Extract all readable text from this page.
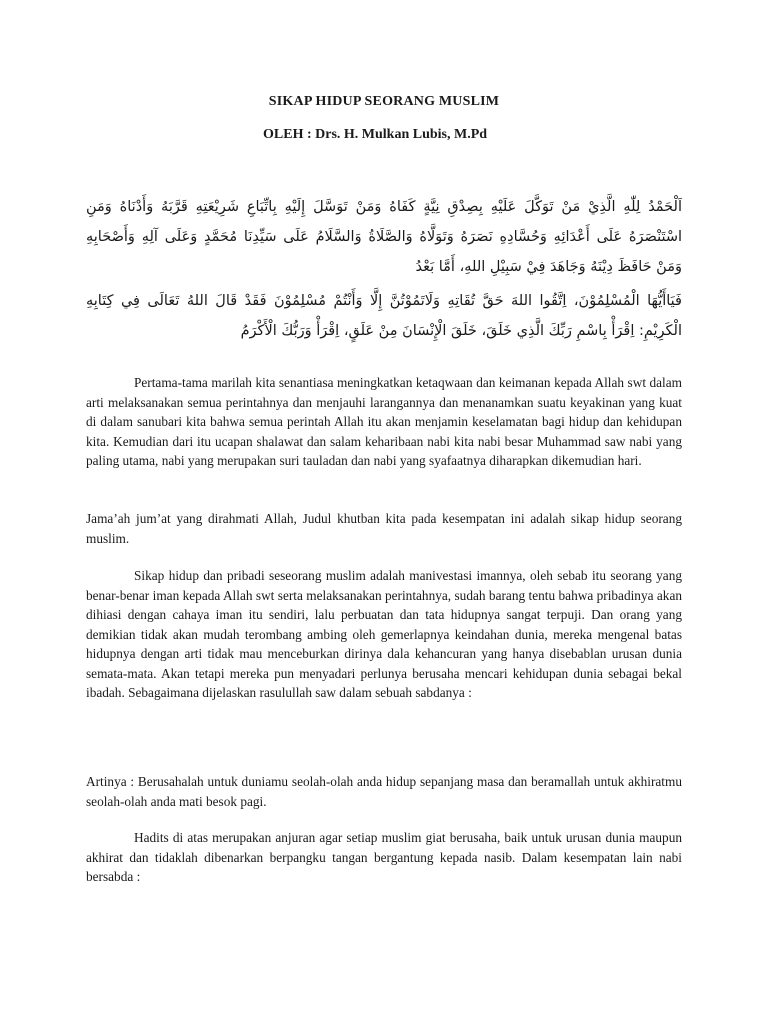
SIKAP HIDUP SEORANG MUSLIM
OLEH : Drs. H. Mulkan Lubis, M.Pd

اَلْحَمْدُ لِلّٰهِ الَّذِيْ مَنْ تَوَكَّلَ عَلَيْهِ بِصِدْقِ نِيَّةٍ كَفَاهُ وَمَنْ تَوَسَّلَ إِلَيْهِ بِاتِّبَاعِ شَرِيْعَتِهِ قَرَّبَهُ وَأَدْنَاهُ وَمَنِ اسْتَنْصَرَهُ عَلَى أَعْدَائِهِ وَحُسَّادِهِ نَصَرَهُ وَتَوَلَّاهُ وَالصَّلَاةُ وَالسَّلَامُ عَلَى سَيِّدِنَا مُحَمَّدٍ وَعَلَى آلِهِ وَأَصْحَابِهِ وَمَنْ حَافَظَ دِيْنَهُ وَجَاهَدَ فِيْ سَبِيْلِ اللهِ، أَمَّا بَعْدُ

فَيَاأَيُّهَا الْمُسْلِمُوْنَ، اِتَّقُوا اللهَ حَقَّ تُقَاتِهِ وَلَاتَمُوْتُنَّ إِلَّا وَأَنْتُمْ مُسْلِمُوْنَ فَقَدْ قَالَ اللهُ تَعَالَى فِي كِتَابِهِ الْكَرِيْمِ: اِقْرَأْ بِاسْمِ رَبِّكَ الَّذِي خَلَقَ، خَلَقَ الْإِنْسَانَ مِنْ عَلَقٍ، اِقْرَأْ وَرَبُّكَ الْأَكْرَمُ

Pertama-tama marilah kita senantiasa meningkatkan ketaqwaan dan keimanan kepada Allah swt dalam arti melaksanakan semua perintahnya dan menjauhi larangannya dan menanamkan suatu keyakinan yang kuat di dalam sanubari kita bahwa semua perintah Allah itu akan menjamin keselamatan bagi hidup dan kehidupan kita. Kemudian dari itu ucapan shalawat dan salam keharibaan nabi kita nabi besar Muhammad saw nabi yang paling utama, nabi yang merupakan suri tauladan dan nabi yang syafaatnya diharapkan dikemudian hari.

Jama’ah jum’at yang dirahmati Allah, Judul khutban kita pada kesempatan ini adalah sikap hidup seorang muslim.

Sikap hidup dan pribadi seseorang muslim adalah manivestasi imannya, oleh sebab itu seorang yang benar-benar iman kepada Allah swt serta melaksanakan perintahnya, sudah barang tentu bahwa pribadinya akan dihiasi dengan cahaya iman itu sendiri, lalu perbuatan dan tata hidupnya sangat terpuji. Dan orang yang demikian tidak akan mudah terombang ambing oleh gemerlapnya keindahan dunia, mereka mengenal batas hidupnya dengan arti tidak mau menceburkan dirinya dala kehancuran yang hanya disebablan urusan dunia semata-mata. Akan tetapi mereka pun menyadari perlunya berusaha mencari kehidupan dunia sebagai bekal ibadah. Sebagaimana dijelaskan rasulullah saw dalam sebuah sabdanya :

Artinya : Berusahalah untuk duniamu seolah-olah anda hidup sepanjang masa dan beramallah untuk akhiratmu seolah-olah anda mati besok pagi.

Hadits di atas merupakan anjuran agar setiap muslim giat berusaha, baik untuk urusan dunia maupun akhirat dan tidaklah dibenarkan berpangku tangan bergantung kepada nasib. Dalam kesempatan lain nabi bersabda :
